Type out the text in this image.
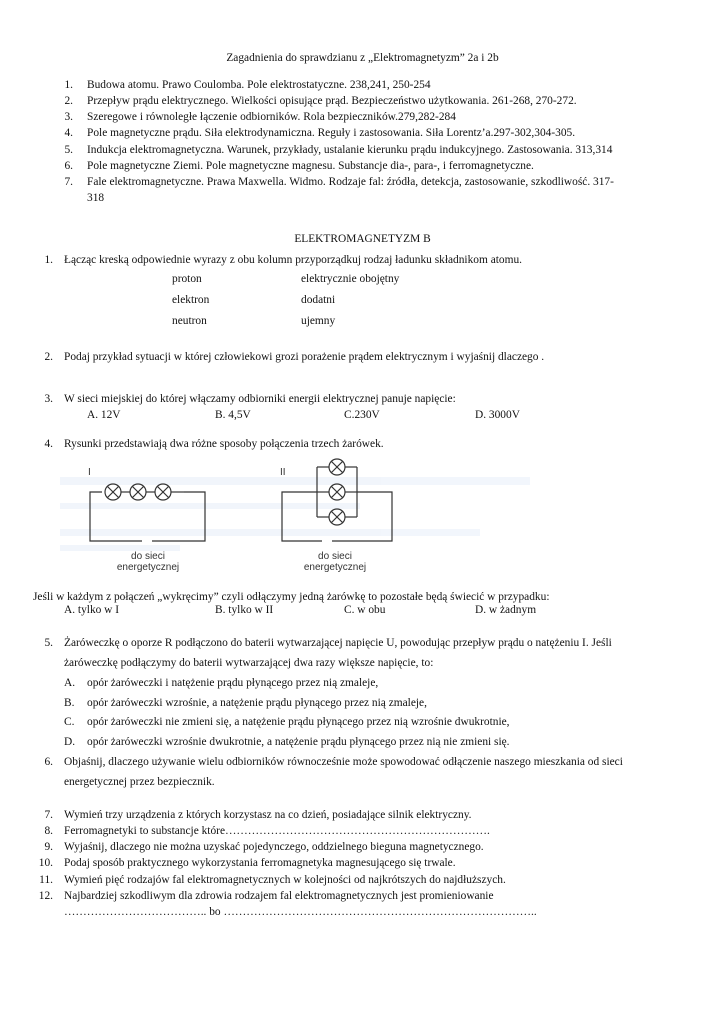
Zagadnienia do sprawdzianu z „Elektromagnetyzm” 2a i 2b
1. Budowa atomu. Prawo Coulomba. Pole elektrostatyczne. 238,241, 250-254
2. Przepływ prądu elektrycznego. Wielkości opisujące prąd. Bezpieczeństwo użytkowania. 261-268, 270-272.
3. Szeregowe i równoległe łączenie odbiorników. Rola bezpieczników.279,282-284
4. Pole magnetyczne prądu. Siła elektrodynamiczna. Reguły i zastosowania. Siła Lorentz’a.297-302,304-305.
5. Indukcja elektromagnetyczna. Warunek, przykłady, ustalanie kierunku prądu indukcyjnego. Zastosowania. 313,314
6. Pole magnetyczne Ziemi. Pole magnetyczne magnesu. Substancje dia-, para-, i ferromagnetyczne.
7. Fale elektromagnetyczne. Prawa Maxwella. Widmo. Rodzaje fal: źródła, detekcja, zastosowanie, szkodliwość. 317-
318
ELEKTROMAGNETYZM B
1. Łącząc kreską odpowiednie wyrazy z obu kolumn przyporządkuj rodzaj ładunku składnikom atomu.
proton	elektrycznie obojętny
elektron	dodatni
neutron	ujemny
2. Podaj przykład sytuacji w której człowiekowi grozi porażenie prądem elektrycznym i wyjaśnij dlaczego .
3. W sieci miejskiej do której włączamy odbiorniki energii elektrycznej panuje napięcie:
A. 12V	B. 4,5V	C.230V	D. 3000V
4. Rysunki przedstawiają dwa różne sposoby połączenia trzech żarówek.
I
do sieci
energetycznej
II
do sieci
energetycznej
Jeśli w każdym z połączeń „wykręcimy” czyli odłączymy jedną żarówkę to pozostałe będą świecić w przypadku:
A. tylko w I	B. tylko w II	C. w obu	D. w żadnym
5. Żaróweczkę o oporze R podłączono do baterii wytwarzającej napięcie U, powodując przepływ prądu o natężeniu I. Jeśli
żaróweczkę podłączymy do baterii wytwarzającej dwa razy większe napięcie, to:
A. opór żaróweczki i natężenie prądu płynącego przez nią zmaleje,
B. opór żaróweczki wzrośnie, a natężenie prądu płynącego przez nią zmaleje,
C. opór żaróweczki nie zmieni się, a natężenie prądu płynącego przez nią wzrośnie dwukrotnie,
D. opór żaróweczki wzrośnie dwukrotnie, a natężenie prądu płynącego przez nią nie zmieni się.
6. Objaśnij, dlaczego używanie wielu odbiorników równocześnie może spowodować odłączenie naszego mieszkania od sieci
energetycznej przez bezpiecznik.
7. Wymień trzy urządzenia z których korzystasz na co dzień, posiadające silnik elektryczny.
8. Ferromagnetyki to substancje które…………………………………………………………….
9. Wyjaśnij, dlaczego nie można uzyskać pojedynczego, oddzielnego bieguna magnetycznego.
10. Podaj sposób praktycznego wykorzystania ferromagnetyka magnesującego się trwale.
11. Wymień pięć rodzajów fal elektromagnetycznych w kolejności od najkrótszych do najdłuższych.
12. Najbardziej szkodliwym dla zdrowia rodzajem fal elektromagnetycznych jest promieniowanie
……………………………….. bo ………………………………………………………………………..
